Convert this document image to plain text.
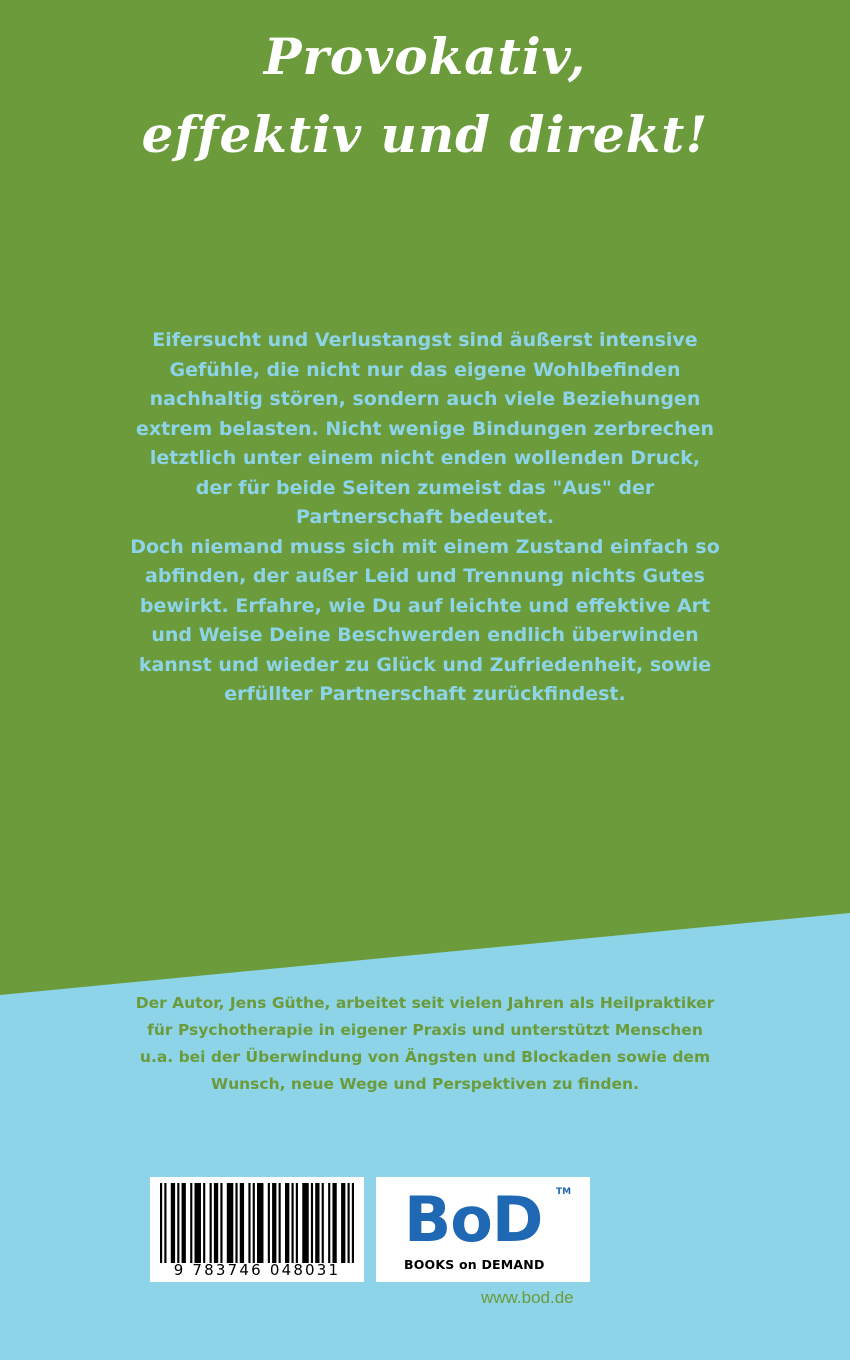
Provokativ,
effektiv und direkt!

Eifersucht und Verlustangst sind äußerst intensive Gefühle, die nicht nur das eigene Wohlbefinden nachhaltig stören, sondern auch viele Beziehungen extrem belasten. Nicht wenige Bindungen zerbrechen letztlich unter einem nicht enden wollenden Druck, der für beide Seiten zumeist das "Aus" der Partnerschaft bedeutet.

Doch niemand muss sich mit einem Zustand einfach so abfinden, der außer Leid und Trennung nichts Gutes bewirkt. Erfahre, wie Du auf leichte und effektive Art und Weise Deine Beschwerden endlich überwinden kannst und wieder zu Glück und Zufriedenheit, sowie erfüllter Partnerschaft zurückfindest.

Der Autor, Jens Güthe, arbeitet seit vielen Jahren als Heilpraktiker für Psychotherapie in eigener Praxis und unterstützt Menschen u.a. bei der Überwindung von Ängsten und Blockaden sowie dem Wunsch, neue Wege und Perspektiven zu finden.
9 783746 048031
BoD TM
BOOKS on DEMAND
www.bod.de
